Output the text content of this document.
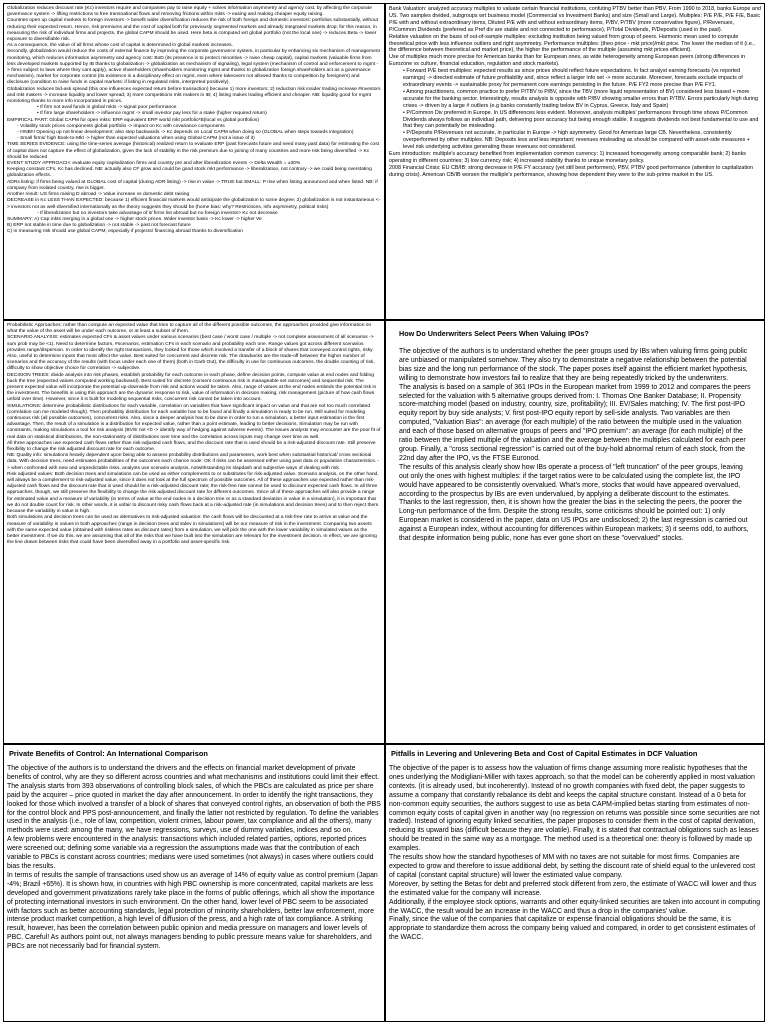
Globalization reduces discount rate (Kc) investors require and companies pay to raise equity + solves information asymmetry and agency cost, by affecting the corporate governance system -> lifting restrictions to free transnational flows and removing frictions within mkts -> easing and making cheaper equity raising.

Countries open up capital markets to foreign investors -> benefit wider diversification reduces the risk of both foreign and domestic investors' portfolios substantially, without reducing their expected return. Hence, risk premiums and the cost of capital both for previously segmented markets and already integrated markets drop; for this reason, in measuring the risk of individual firms and projects, the global CAPM should be used. Here beta is computed wrt global portfolio (not the local one) -> reduces Beta -> lower exposure to diversifiable risk.

As a consequence, the value of all firms whose cost of capital is determined in global markets increases.

Secondly, globalization would reduce the costs of external finance by improving the corporate governance system, in particular by enhancing six mechanism of management monitoring, which reduces information asymmetry and agency cost: BoD (its presence is to protect minorities -> raise cheap capital), capital markets (valuable firms from less developed markets supported by IB thanks to globalization -> globalization as mechanism of signaling), legal system (mechanism of control and enforcement to mgmt -> firms subject to laws where they cant apply), active shareholders (shareholders monitoring mgmt and thanks to globalization foreign shareholders act as a governance mechanism), market for corporate control (its existence is a disciplinary effect on mgmt, even where takeovers not allowed thanks to competition by foreigners) and disclosure (condition to raise funds in capital markets: if listing in regulated mkts, interpreted positively).

Globalization reduces bid-ask spread (this one influences expected return before transaction) because 1) more investors; 2) reduction risk insider trading increase #investors and mkt makers -> increase liquidity and lower spread; 3) more competitions mkt makers in IB; 4) listing makes trading efficient and cheaper. NB: liquidity good for mgmt monitoring thanks to more info incorporated in prices.

• If firm not avail funds in global mkts -> signal poor performance

• If firm large shareholders -> influence mgmt -> small investor pay less for a stake (higher required return)

EMPIRICAL PART: Global CAPM for open mkts: ERP equivalent ERP world mkt portfolio*B(local vs global portfolios)

- Volatility stock prices components global portfolio -> impact on Kc with covariance components

- !!!NB!!! Opening up not linear development: also step backwards -> Kc depends on Local CAPM when doing so (GLOBAL when steps towards integration)

- Small firms/ high Book-to-Mkt -> higher than expected valuations when using Global CAPM (not a issue of it)

TIME SERIES EVIDENCE: using the time-series average (historical) realized return to evaluate ERP (past forecasts future and need many past data) for estimating the cost of capital does not capture the effect of globalization, given the lack of stability in the risk premium due to joining of many countries and more risk being diversified -> Kc should be reduced

EVENT STUDY APPROACH: evaluate equity capitalization firms and country pre and after liberalization events -> Delta Wealth = ±30%

Keeping constant CFs, Kc has declined. NB: actually also CF grow and could be good stock mkt performance -> liberalization, not contrary -> we could being overstating globalization effects.

ADRs listing: if firms being valued at GLOBAL cost of capital (during ADR listing) -> rise in value -> TRUE but SMALL: P rise when listing announced and when listed. NB: if company from isolated country, rise is bigger.

Another result: US firms raising D abroad -> Value increase vs domestic debt raising

DECREASE in Kc LESS THAN EXPECTED: because 1) efficient financial markets would anticipate the globalization to some degree; 2) globalization is not instantaneous <-> investors not as well-diversified internationally as the theory suggests they should be (home bias: why? Restrictions, info asymmetry, political risks)

- If liberalization but no investors take advantage of it/ firms list abroad but no foreign investor> Kc not decrease

SUMMARY: A) Cap mkts merging in a global one -> higher stock prices. Wider investor basis -> Kc lower -> higher Ve

B) ERP not stable in time due to globalization -> not stable -> past not forecast future

C) in measuring risk should use global CAPM, especially if projects/ financing abroad thanks to diversification

Bank Valuation: analyzed accuracy multiples to valuate certain financial institutions, confuting PTBV better than PBV. From 1990 to 2018, banks Europe and US. Two samples divided, subgroups wrt business model (Commercial vs Investment Banks) and size (Small and Large). Multiples: P/E P/E, P/E F/E, Basic P/E with and without extraordinary items, Diluted P/E with and without extraordinary items, P/BV, P/TBV (more conservative figure), P/Revenues, P/Common Dividends (preferred as Pref div are stable and not connected to performance), P/Total Dividends, P/Deposits (used in the past).

Relative valuation on the basis of out-of-sample multiples: excluding institution being valued from group of peers. Harmonic mean used to compute theoretical price with less influence outliers and right asymmetry. Performance multiples: (theo price - mkt price)/mkt price. The lower the median of it (i.e., the difference between theoretical and market price), the higher the performance of the multiple (assuming mkt prices efficient).

Use of multiples much more precise for American banks than for European ones, as wide heterogeneity among European peers (strong differences in Eurozone vs culture, financial education, regulation and stock markets).

• Forward P/E best multiples: expected results as since prices should reflect future expectations. In fact analyst earning forecasts (vs reported earnings) -> directed estimate of future profitability and, since reflect a larger info set -> more accurate. Moreover, forecasts exclude impacts of extraordinary events -> sustainable proxy for permanent core earnings persisting in the future. P/E FY2 more precise than P/E FY1.

• Among practitioners, common practice to prefer P/TBV to P/BV, since the TBV (more liquid representation of BV) considered less biased + more accurate for the banking sector. Interestingly, results analysis is opposite with P/BV showing smaller errors than P/TBV. Errors particularly high during crises -> driven by a large # outliers (e.g banks constantly trading below BV in Cyprus, Greece, Italy and Spain)

• P/Common Div preferred in Europe. In US differences less evident. Moreover, analysis multiples' performances through time shows P/Common Dividends always follows an individual path, delivering poor accuracy but being enough stable. It suggests dividends not best fundamental to use and that they can potentially be misleading.

• P/Deposits P/Revenues not accurate, in particular in Europe -> high asymmetry. Good for American large CB. Nevertheless, consistently overperformed by other multiples. NB: Deposits less and less important; revenues misleading as should be compared with asset-side measures + level risk underlying activities generating these revenues not considered.

Euro introduction: multiple's accuracy benefited from implementation common currency: 1) increased homogeneity among comparable bank; 2) banks operating in different countries; 3) low currency risk; 4) increased stability thanks to unique monetary policy.

2008 Financial Crisis: EU CB/IB: strong decrease in P/E FY accuracy (yet still best performers), PBV, PTBV good performance (attention to capitalization during crisis). American CB/IB worsen the multiple's performance, showing how dependent they were to the sub-prime market in the US.

Probabilistic Approaches: rather than compute an expected value that tries to capture all of the different possible outcomes, the approaches provided give information on what the value of the asset will be under each outcome, or at least a subset of them.

SCENARIO ANALYSIS: estimates expected CFs & asset values under various scenarios (best case / worst case / multiple -> not complete assessment of all scenarios -> sum prob may be <1). Need to determine factors, #scenarios, estimation CFs in each scenario and probability each one. Range values got across different scenarios provides range/dispersion. In order to identify the right transactions, they looked for those which involved a transfer of a block of shares that conveyed control rights, risky. Also, useful to determine inputs that most affect the value. Best suited for concurrent and discrete risk. The drawbacks are the trade-off between the higher number of scenarios and the accuracy of the results (with focus under each one of them) (both in Garb Out), the difficulty in use for continuous outcomes, the double counting of risk, difficulty to show objective choice for correlation -> subjective.

DECISION TREES: divide analysis into risk phases, establish probability for each outcome in each phase, define decision points, compute value at end nodes and folding back the tree (expected values computed working backward). Best suited for discrete (consent continuous risk in manageable set outcomes) and sequential risk. The present expected value will incorporate the potential up-downside from risk and actions would be taken. Also, range of values at the end nodes embeds the potential risk in the investment. The benefits in using this approach are the dynamic response to risk, value of information in decision making, risk management (picture of how cash flows unfold over time). However, since it is built for modeling sequential risks, concurrent risk cannot be taken into account.

SIMULATIONS: determine probabilistic distributions for each variable, correlation on variables that have significant impact on value and that are not too much correlated (correlation can me modeled though). Then probability distribution for each variable has to be found and finally a simulation is ready to be run. Will suited for modeling continuous risk (all possible outcomes), concurrent risks. Also, since a deeper analysis has to be done in order to run a simulation, a better input estimation is the first advantage. Then, the result of a simulation is a distribution for expected value, rather than a point estimate, leading to better decisions. Simulation may be run with constraints, making simulations a tool for risk analysis (BV/E not <0 -> identify way of hedging against adverse events). The issues analysts may encounter are the poor fit of real data on statistical distributions, the non-stationarity of distributions over time and the correlation across inputs may change over time as well.

All three approaches use expected cash flows rather than risk-adjusted cash flows, and the discount rate that is used should be a risk-adjusted discount rate. Still preserve flexibility to change the risk adjusted discount rate for each outcome.

NB: Quality info: simulations heavily dependent upon being able to assess probability distributions and parameters, work best when substantial historical/ cross sectional data. With decision trees, need estimates probabilities of the outcomes each chance node: OK if risks can be assessed either using past data or population characteristics. -> when confronted with new and unpredictable risks, analysts use scenario analysis, notwithstanding its slapdash and subjective ways of dealing with risk.

Risk adjusted values: Both decision trees and simulations can be used as either complements to or substitutes for risk-adjusted value. Scenario analysis, on the other hand, will always be a complement to risk-adjusted value, since it does not look at the full spectrum of possible outcomes. All of these approaches use expected rather than risk-adjusted cash flows and the discount rate that is used should be a risk-adjusted discount rate; the risk-free rate cannot be used to discount expected cash flows. In all three approaches, though, we still preserve the flexibility to change the risk adjusted discount rate for different outcomes. Since all of these approaches will also provide a range for estimated value and a measure of variability (in terms of value at the end nodes in a decision tree or as a standard deviation in value in a simulation), it is important that we do not double count for risk. In other words, it is unfair to discount risky cash flows back at a risk-adjusted rate (in simulations and decision trees) and to then reject them because the variability in value is high.

Both simulations and decision trees can be used as alternatives to risk-adjusted valuation: the cash flows will be discounted at a risk-free rate to arrive at value and the measure of variability in values in both approaches (range in decision trees and stdev in simulations) will be our measure of risk in the investment. Comparing two assets with the same expected value (obtained with riskless rates as discount rates) from a simulation, we will pick the one with the lower variability in simulated values as the better investment. If we do this, we are assuming that all of the risks that we have built into the simulation are relevant for the investment decision. In effect, we are ignoring the line drawn between risks that could have been diversified away in a portfolio and asset-specific risk.

How Do Underwriters Select Peers When Valuing IPOs?

The objective of the authors is to understand whether the peer groups used by IBs when valuing firms going public are unbiased or manipulated somehow. They also try to demonstrate a negative relationship between the potential bias size and the long run performance of the stock. The paper poses itself against the efficient market hypothesis, willing to demonstrate how investors fail to realize that they are being repeatedly tricked by the underwriters.

The analysis is based on a sample of 361 IPOs in the European market from 1999 to 2012 and compares the peers selected for the valuation with 5 alternative groups derived from: I. Thomas One Banker Database; II. Propensity score-matching model (based on industry, country, size, profitability); III. EV/Sales matching; IV. The first post-IPO equity report by buy side analysts; V. first post-IPO equity report by sell-side analysts. Two variables are then computed, "Valuation Bias": an average (for each multiple) of the ratio between the multiple used in the valuation and each of those based on alternative groups of peers and "IPO premium": an average (for each multiple) of the ratio between the implied multiple of the valuation and the average between the multiples calculated for each peer group. Finally, a "cross sectional regression" is carried out of the buy-hold abnormal return of each stock, from the 22nd day after the IPO, vs the FTSE Euronod.

The results of this analysis clearly show how IBs operate a process of "left truncation" of the peer groups, leaving out only the ones with highest multiples: if the target ratios were to be calculated using the complete list, the IPO would have appeared to be consistently overvalued. What's more, stocks that would have appeared overvalued, according to the prospectus by IBs are even undervalued, by applying a deliberate discount to the estimates. Thanks to the last regression, then, it is shown how the greater the bias in the selecting the peers, the poorer the Long-run performance of the firm. Despite the strong results, some criticisms should be pointed out: 1) only European market is considered in the paper, data on US IPOs are undisclosed; 2) the last regression is carried out against a European index, without accounting for differences within European markets; 3) it seems odd, to authors, that despite information being public, none has ever gone short on these "overvalued" stocks.

Private Benefits of Control: An International Comparison

The objective of the authors is to understand the drivers and the effects on financial market development of private benefits of control, why are they so different across countries and what mechanisms and institutions could limit their effect. The analysis starts from 393 observations of controlling block sales, of which the PBCs are calculated as price per share paid by the acquirer – price quoted in market the day after announcement. In order to identify the right transactions, they looked for those which involved a transfer of a block of shares that conveyed control rights, an observation of both the PBS for the control block and PPS post-announcement, and finally the latter not restricted by regulation. To define the variables used in the analysis (i.e., role of law, competition, violent crimes, labour power, tax compliance and all the others), many methods were used: among the many, we have regressions, surveys, use of dummy variables, indices and so on.

A few problems were encountered in the analysis: transactions which included related parties, options, reported prices were screened out; defining some variable via a regression the assumptions made was that the contribution of each variable to PBCs is constant across countries; medians were used sometimes (not always) in cases where outliers could bias the results.

In terms of results the sample of transactions used show us an average of 14% of equity value as control premium (Japan -4%; Brazil +65%). It is shown how, in countries with high PBC ownership is more concentrated, capital markets are less developed and government privatizations rarely take place in the forms of public offerings, which all show the importance of protecting international investors in such environment. On the other hand, lower level of PBC seem to be associated with factors such as better accounting standards, legal protection of minority shareholders, better law enforcement, more intense product market competition, a high level of diffusion of the press, and a high rate of tax compliance. A striking result, however, has been the correlation between public opinion and media pressure on managers and lower levels of PBC. Careful! As authors point out, not always managers bending to public pressure means value for shareholders, and PBCs are not necessarily bad for financial system.

Pitfalls in Levering and Unlevering Beta and Cost of Capital Estimates in DCF Valuation

The objective of the paper is to assess how the valuation of firms change assuming more realistic hypotheses that the ones underlying the Modigliani-Miller with taxes approach, so that the model can be coherently applied in most valuation contexts. (it is already used, but incoherently). Instead of no growth companies with fixed debt, the paper suggests to assume a company that constantly rebalance its debt and keeps the capital structure constant. Instead of a 0 beta for non-common equity securities, the authors suggest to use as beta CAPM-implied betas starting from estimates of non-common equity costs of capital given in another way (no regression on returns was possible since some securities are not traded). Instead of ignoring equity linked securities, the paper proposes to consider them in the cost of capital derivation, reducing its upward bias (difficult because they are volatile). Finally, it is stated that contractual obligations such as leases should be treated in the same way as a mortgage. The method used is a theoretical one: theory is followed by made up examples.

The results show how the standard hypotheses of MM with no taxes are not suitable for most firms. Companies are expected to grow and therefore to issue additional debt, by setting the discount rate of shield equal to the unlevered cost of capital (constant capital structure) will lower the estimated value company.

Moreover, by setting the Betas for debt and preferred stock different from zero, the estimate of WACC will lower and thus the estimated value for the company will increase.

Additionally, if the employee stock options, warrants and other equity-linked securities are taken into account in computing the WACC, the result would be an increase in the WACC and thus a drop in the companies' value.

Finally, since the value of the companies that capitalize or expense financial obligations should be the same, it is appropriate to standardize them across the company being valued and compared, in order to get consistent estimates of the WACC.
